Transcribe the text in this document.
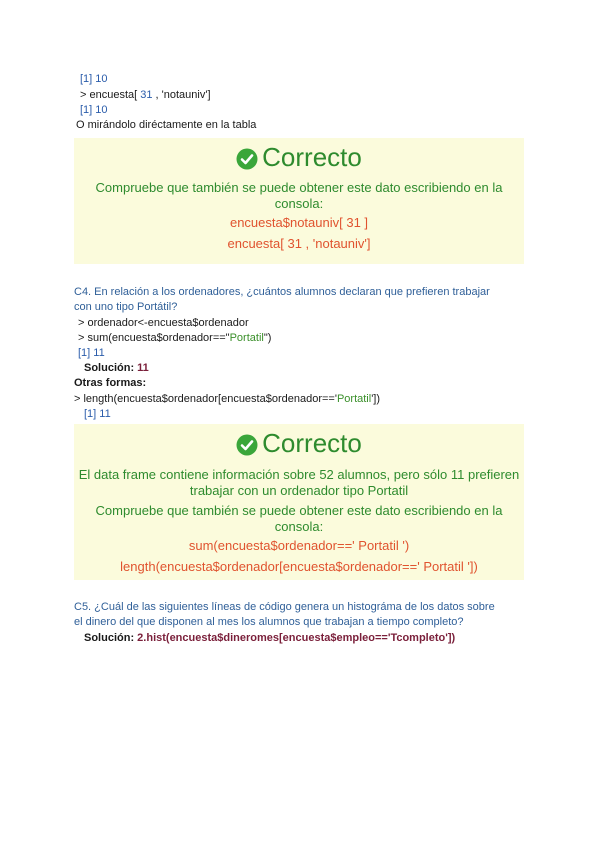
[1] 10
> encuesta[ 31 , 'notauniv']
[1] 10
O mirándolo diréctamente en la tabla
Correcto
Compruebe que también se puede obtener este dato escribiendo en la consola:
encuesta$notauniv[ 31 ]
encuesta[ 31 , 'notauniv']
C4. En relación a los ordenadores, ¿cuántos alumnos declaran que prefieren trabajar
con uno tipo Portátil?
> ordenador<-encuesta$ordenador
> sum(encuesta$ordenador=="Portatil")
[1] 11
Solución: 11
Otras formas:
> length(encuesta$ordenador[encuesta$ordenador=='Portatil'])
[1] 11
Correcto
El data frame contiene información sobre 52 alumnos, pero sólo 11 prefieren trabajar con un ordenador tipo Portatil
Compruebe que también se puede obtener este dato escribiendo en la consola:
sum(encuesta$ordenador==' Portatil ')
length(encuesta$ordenador[encuesta$ordenador==' Portatil '])
C5. ¿Cuál de las siguientes líneas de código genera un histográma de los datos sobre
el dinero del que disponen al mes los alumnos que trabajan a tiempo completo?
Solución: 2.hist(encuesta$dineromes[encuesta$empleo=='Tcompleto'])
